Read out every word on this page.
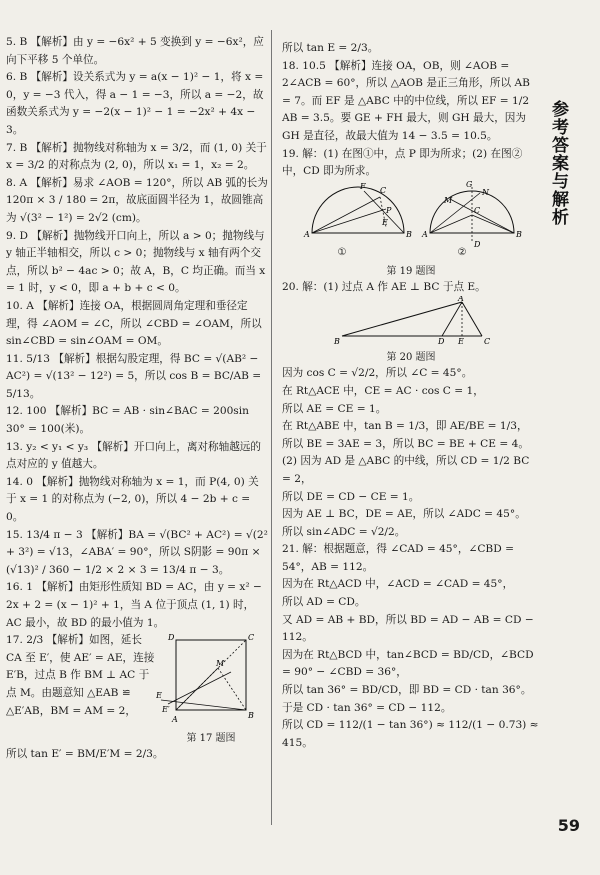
5. B 【解析】由 y = −6x² + 5 变换到 y = −6x²，应向下平移 5 个单位。

6. B 【解析】设关系式为 y = a(x − 1)² − 1，将 x = 0，y = −3 代入，得 a − 1 = −3，所以 a = −2，故函数关系式为 y = −2(x − 1)² − 1 = −2x² + 4x − 3。

7. B 【解析】抛物线对称轴为 x = 3/2，而 (1, 0) 关于 x = 3/2 的对称点为 (2, 0)，所以 x₁ = 1，x₂ = 2。

8. A 【解析】易求 ∠AOB = 120°，所以 AB 弧的长为 120π × 3 / 180 = 2π，故底面圆半径为 1，故圆锥高为 √(3² − 1²) = 2√2 (cm)。

9. D 【解析】抛物线开口向上，所以 a > 0；抛物线与 y 轴正半轴相交，所以 c > 0；抛物线与 x 轴有两个交点，所以 b² − 4ac > 0；故 A，B，C 均正确。而当 x = 1 时，y < 0，即 a + b + c < 0。

10. A 【解析】连接 OA，根据圆周角定理和垂径定理，得 ∠AOM = ∠C，所以 ∠CBD = ∠OAM，所以 sin∠CBD = sin∠OAM = OM。

11. 5/13 【解析】根据勾股定理，得 BC = √(AB² − AC²) = √(13² − 12²) = 5，所以 cos B = BC/AB = 5/13。

12. 100 【解析】BC = AB · sin∠BAC = 200sin 30° = 100(米)。

13. y₂ < y₁ < y₃ 【解析】开口向上，离对称轴越远的点对应的 y 值越大。

14. 0 【解析】抛物线对称轴为 x = 1，而 P(4, 0) 关于 x = 1 的对称点为 (−2, 0)，所以 4 − 2b + c = 0。

15. 13/4 π − 3 【解析】BA = √(BC² + AC²) = √(2² + 3²) = √13，∠ABA′ = 90°，所以 S阴影 = 90π × (√13)² / 360 − 1/2 × 2 × 3 = 13/4 π − 3。

16. 1 【解析】由矩形性质知 BD = AC，由 y = x² − 2x + 2 = (x − 1)² + 1，当 A 位于顶点 (1, 1) 时，AC 最小，故 BD 的最小值为 1。

17. 2/3 【解析】如图，延长 CA 至 E′，使 AE′ = AE，连接 E′B，过点 B 作 BM ⊥ AC 于点 M。由题意知 △EAB ≌ △E′AB，BM = AM = 2，

D	C
M
E
E′
A	B

第 17 题图

所以 tan E′ = BM/E′M = 2/3。

所以 tan E = 2/3。

18. 10.5 【解析】连接 OA，OB，则 ∠AOB = 2∠ACB = 60°，所以 △AOB 是正三角形，所以 AB = 7。而 EF 是 △ABC 中的中位线，所以 EF = 1/2 AB = 3.5。要 GE + FH 最大，则 GH 最大，因为 GH 是直径，故最大值为 14 − 3.5 = 10.5。

19. 解：(1) 在图①中，点 P 即为所求；(2) 在图②中，CD 即为所求。

A	B
F C
P
E
A	B
G
M
N
C
D
①	②

第 19 题图

20. 解：(1) 过点 A 作 AE ⊥ BC 于点 E。

B
A
D E	C

第 20 题图

因为 cos C = √2/2，所以 ∠C = 45°。

在 Rt△ACE 中，CE = AC · cos C = 1，

所以 AE = CE = 1。

在 Rt△ABE 中，tan B = 1/3，即 AE/BE = 1/3，

所以 BE = 3AE = 3，所以 BC = BE + CE = 4。

(2) 因为 AD 是 △ABC 的中线，所以 CD = 1/2 BC = 2，

所以 DE = CD − CE = 1。

因为 AE ⊥ BC，DE = AE，所以 ∠ADC = 45°。

所以 sin∠ADC = √2/2。

21. 解：根据题意，得 ∠CAD = 45°，∠CBD = 54°，AB = 112。

因为在 Rt△ACD 中，∠ACD = ∠CAD = 45°，

所以 AD = CD。

又 AD = AB + BD，所以 BD = AD − AB = CD − 112。

因为在 Rt△BCD 中，tan∠BCD = BD/CD，∠BCD = 90° − ∠CBD = 36°，

所以 tan 36° = BD/CD，即 BD = CD · tan 36°。

于是 CD · tan 36° = CD − 112。

所以 CD = 112/(1 − tan 36°) ≈ 112/(1 − 0.73) ≈ 415。

参考答案与解析
59
